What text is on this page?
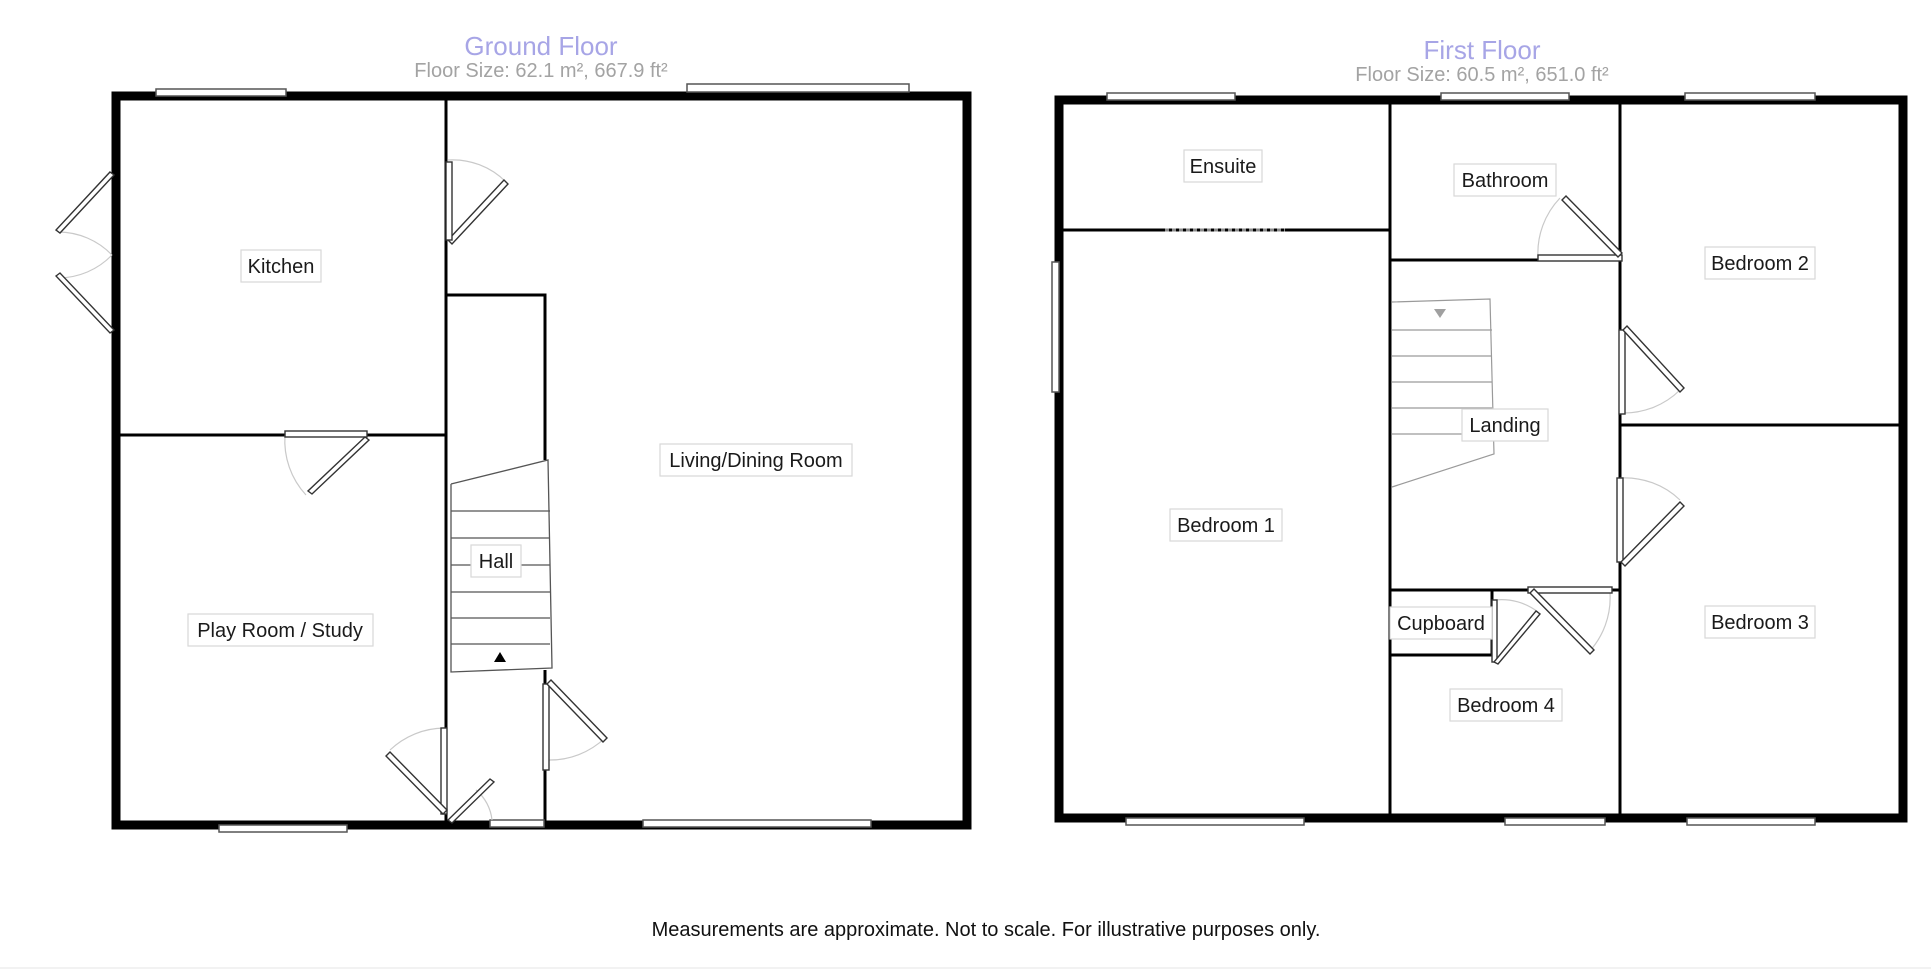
Ground Floor
Floor Size: 62.1 m², 667.9 ft²
Kitchen
Living/Dining Room
Hall
Play Room / Study
First Floor
Floor Size: 60.5 m², 651.0 ft²
Ensuite
Bathroom
Bedroom 2
Landing
Bedroom 1
Cupboard	Bedroom 3
Bedroom 4
Measurements are approximate. Not to scale. For illustrative purposes only.
